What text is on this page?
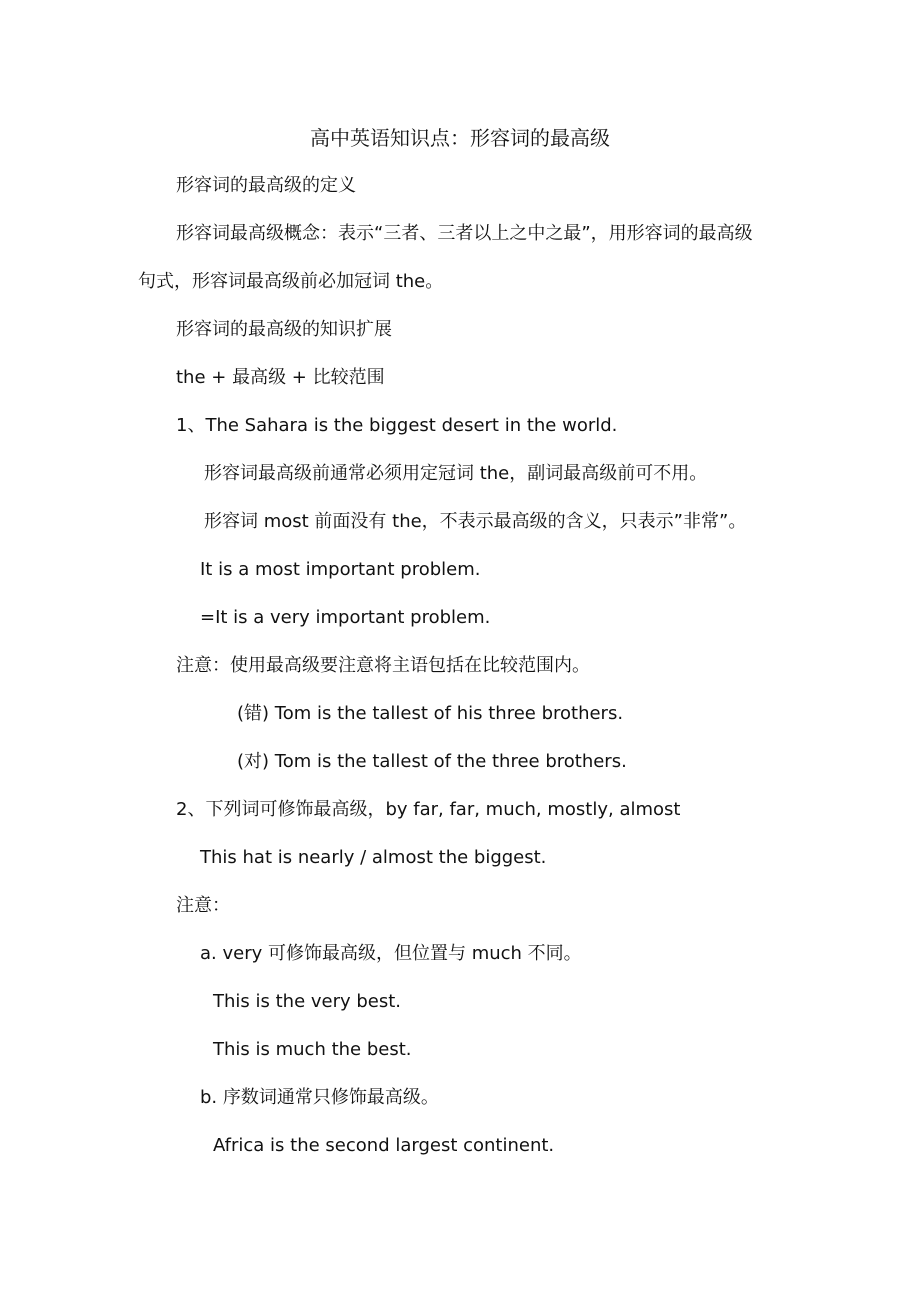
高中英语知识点：形容词的最高级
形容词的最高级的定义
形容词最高级概念：表示“三者、三者以上之中之最”，用形容词的最高级
句式，形容词最高级前必加冠词 the。
形容词的最高级的知识扩展
the + 最高级 + 比较范围
1、The Sahara is the biggest desert in the world.
形容词最高级前通常必须用定冠词 the，副词最高级前可不用。
形容词 most 前面没有 the，不表示最高级的含义，只表示”非常”。
It is a most important problem.
=It is a very important problem.
注意：使用最高级要注意将主语包括在比较范围内。
(错) Tom is the tallest of his three brothers.
(对) Tom is the tallest of the three brothers.
2、下列词可修饰最高级，by far, far, much, mostly, almost
This hat is nearly / almost the biggest.
注意：
a. very 可修饰最高级，但位置与 much 不同。
This is the very best.
This is much the best.
b. 序数词通常只修饰最高级。
Africa is the second largest continent.
